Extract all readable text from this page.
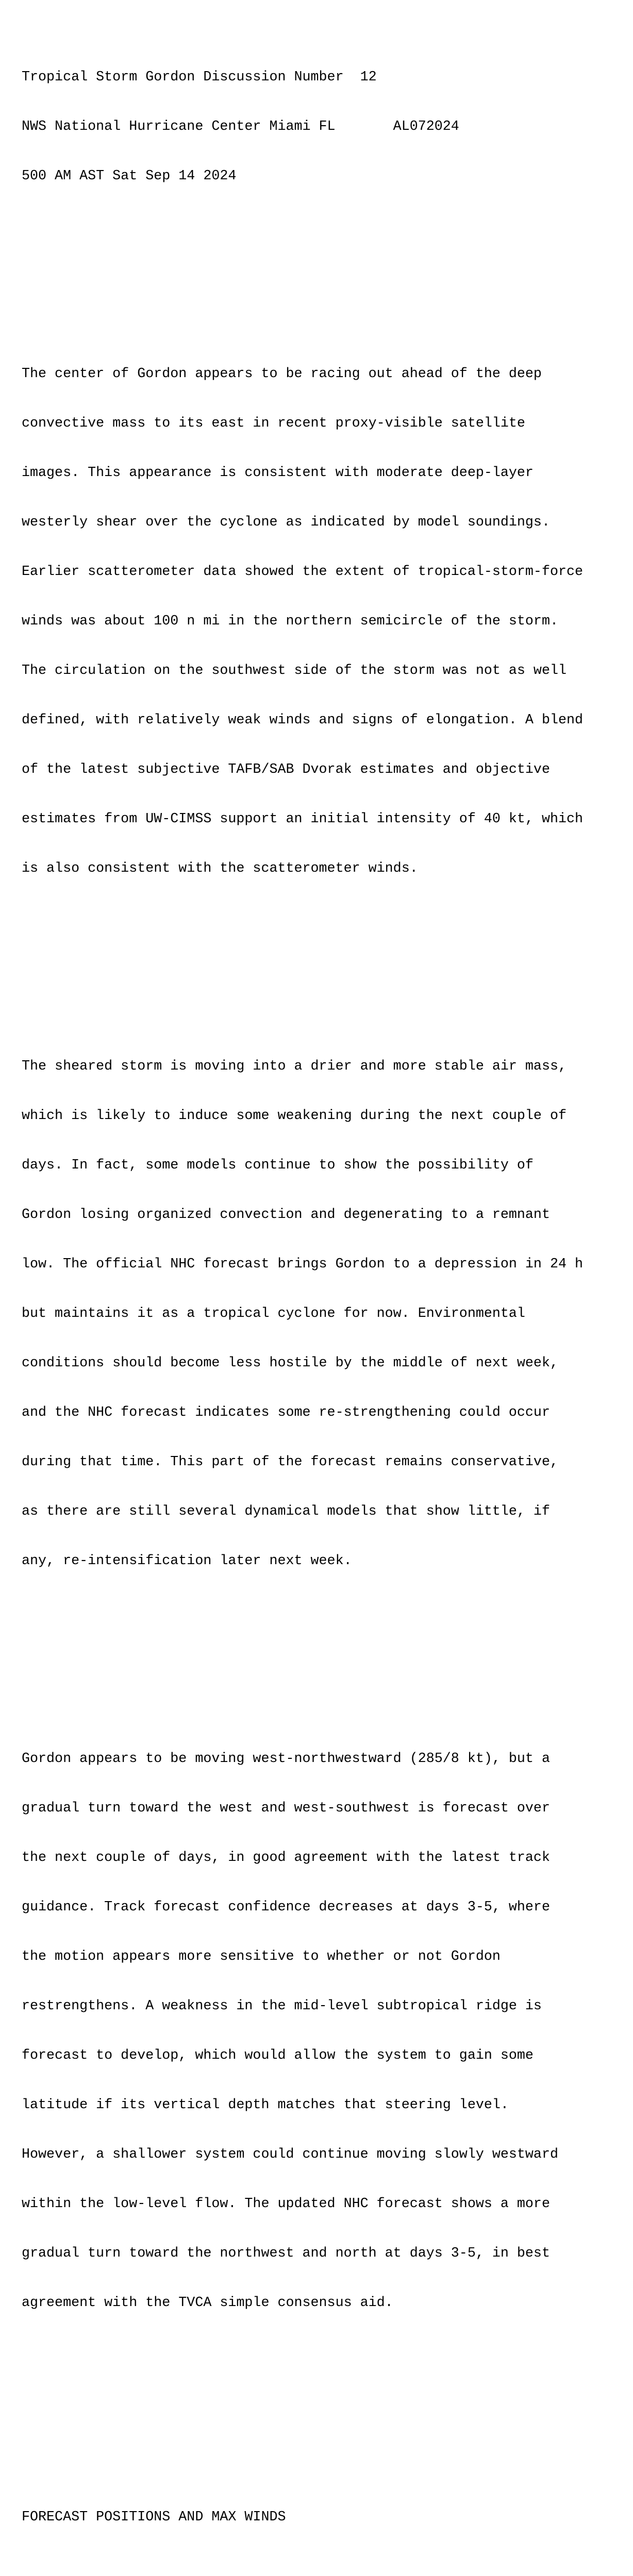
Tropical Storm Gordon Discussion Number  12

NWS National Hurricane Center Miami FL       AL072024

500 AM AST Sat Sep 14 2024

The center of Gordon appears to be racing out ahead of the deep

convective mass to its east in recent proxy-visible satellite

images. This appearance is consistent with moderate deep-layer

westerly shear over the cyclone as indicated by model soundings.

Earlier scatterometer data showed the extent of tropical-storm-force

winds was about 100 n mi in the northern semicircle of the storm.

The circulation on the southwest side of the storm was not as well

defined, with relatively weak winds and signs of elongation. A blend

of the latest subjective TAFB/SAB Dvorak estimates and objective

estimates from UW-CIMSS support an initial intensity of 40 kt, which

is also consistent with the scatterometer winds.

The sheared storm is moving into a drier and more stable air mass,

which is likely to induce some weakening during the next couple of

days. In fact, some models continue to show the possibility of

Gordon losing organized convection and degenerating to a remnant

low. The official NHC forecast brings Gordon to a depression in 24 h

but maintains it as a tropical cyclone for now. Environmental

conditions should become less hostile by the middle of next week,

and the NHC forecast indicates some re-strengthening could occur

during that time. This part of the forecast remains conservative,

as there are still several dynamical models that show little, if

any, re-intensification later next week.

Gordon appears to be moving west-northwestward (285/8 kt), but a

gradual turn toward the west and west-southwest is forecast over

the next couple of days, in good agreement with the latest track

guidance. Track forecast confidence decreases at days 3-5, where

the motion appears more sensitive to whether or not Gordon

restrengthens. A weakness in the mid-level subtropical ridge is

forecast to develop, which would allow the system to gain some

latitude if its vertical depth matches that steering level.

However, a shallower system could continue moving slowly westward

within the low-level flow. The updated NHC forecast shows a more

gradual turn toward the northwest and north at days 3-5, in best

agreement with the TVCA simple consensus aid.

FORECAST POSITIONS AND MAX WINDS
